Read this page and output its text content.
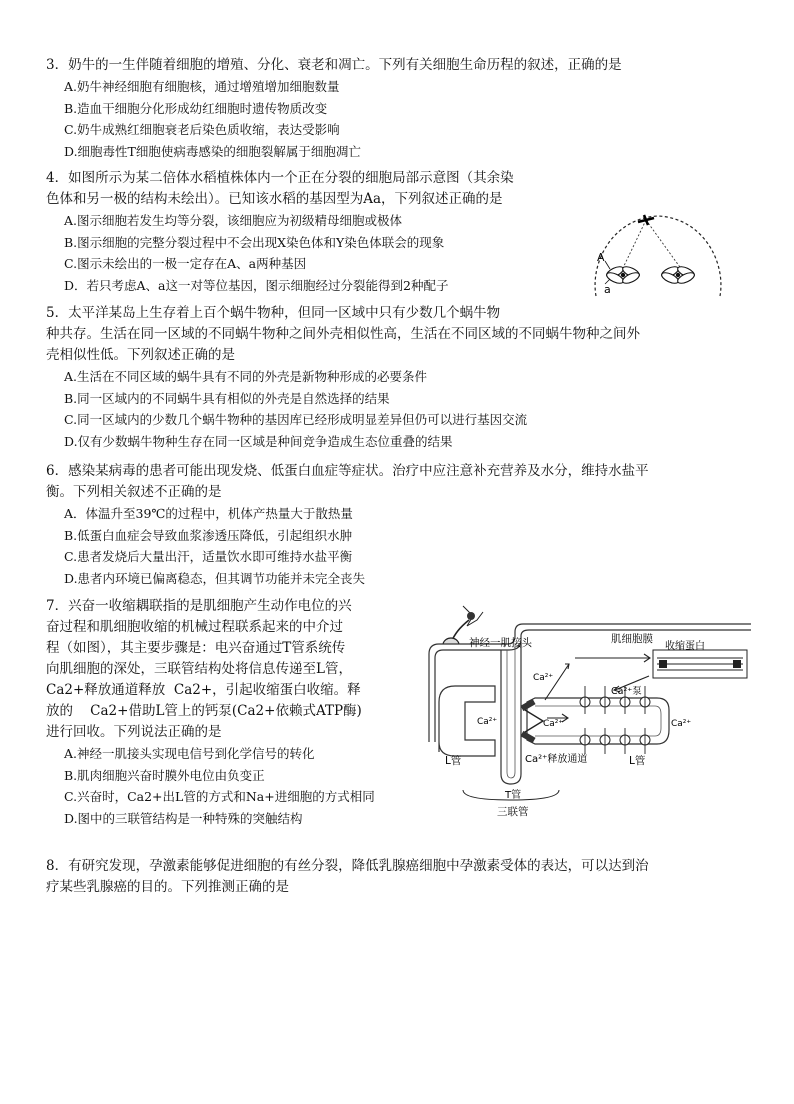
3．奶牛的一生伴随着细胞的增殖、分化、衰老和凋亡。下列有关细胞生命历程的叙述，正确的是

A.奶牛神经细胞有细胞核，通过增殖增加细胞数量

B.造血干细胞分化形成幼红细胞时遗传物质改变

C.奶牛成熟红细胞衰老后染色质收缩，表达受影响

D.细胞毒性T细胞使病毒感染的细胞裂解属于细胞凋亡

4．如图所示为某二倍体水稻植株体内一个正在分裂的细胞局部示意图（其余染

色体和另一极的结构未绘出）。已知该水稻的基因型为Aa，下列叙述正确的是

A.图示细胞若发生均等分裂，该细胞应为初级精母细胞或极体

B.图示细胞的完整分裂过程中不会出现X染色体和Y染色体联会的现象

C.图示未绘出的一极一定存在A、a两种基因

D．若只考虑A、a这一对等位基因，图示细胞经过分裂能得到2种配子

A
a

5．太平洋某岛上生存着上百个蜗牛物种，但同一区域中只有少数几个蜗牛物

种共存。生活在同一区域的不同蜗牛物种之间外壳相似性高，生活在不同区域的不同蜗牛物种之间外

壳相似性低。下列叙述正确的是

A.生活在不同区域的蜗牛具有不同的外壳是新物种形成的必要条件

B.同一区域内的不同蜗牛具有相似的外壳是自然选择的结果

C.同一区域内的少数几个蜗牛物种的基因库已经形成明显差异但仍可以进行基因交流

D.仅有少数蜗牛物种生存在同一区域是种间竞争造成生态位重叠的结果

6．感染某病毒的患者可能出现发烧、低蛋白血症等症状。治疗中应注意补充营养及水分，维持水盐平

衡。下列相关叙述不正确的是

A．体温升至39℃的过程中，机体产热量大于散热量

B.低蛋白血症会导致血浆渗透压降低，引起组织水肿

C.患者发烧后大量出汗，适量饮水即可维持水盐平衡

D.患者内环境已偏离稳态，但其调节功能并未完全丧失

7．兴奋一收缩耦联指的是肌细胞产生动作电位的兴

奋过程和肌细胞收缩的机械过程联系起来的中介过

程（如图），其主要步骤是：电兴奋通过T管系统传

向肌细胞的深处，三联管结构处将信息传递至L管，

Ca2+释放通道释放  Ca2+，引起收缩蛋白收缩。释

放的    Ca2+借助L管上的钙泵(Ca2+依赖式ATP酶)

进行回收。下列说法正确的是

A.神经一肌接头实现电信号到化学信号的转化

B.肌肉细胞兴奋时膜外电位由负变正

C.兴奋时，Ca2+出L管的方式和Na+进细胞的方式相同

D.图中的三联管结构是一种特殊的突触结构

神经一肌接头	肌细胞膜
收缩蛋白
Ca²⁺泵
Ca²⁺
Ca²⁺
Ca²⁺	Ca²⁺
Ca²⁺释放通道
L管	L管
T管
三联管

8．有研究发现，孕激素能够促进细胞的有丝分裂，降低乳腺癌细胞中孕激素受体的表达，可以达到治

疗某些乳腺癌的目的。下列推测正确的是
